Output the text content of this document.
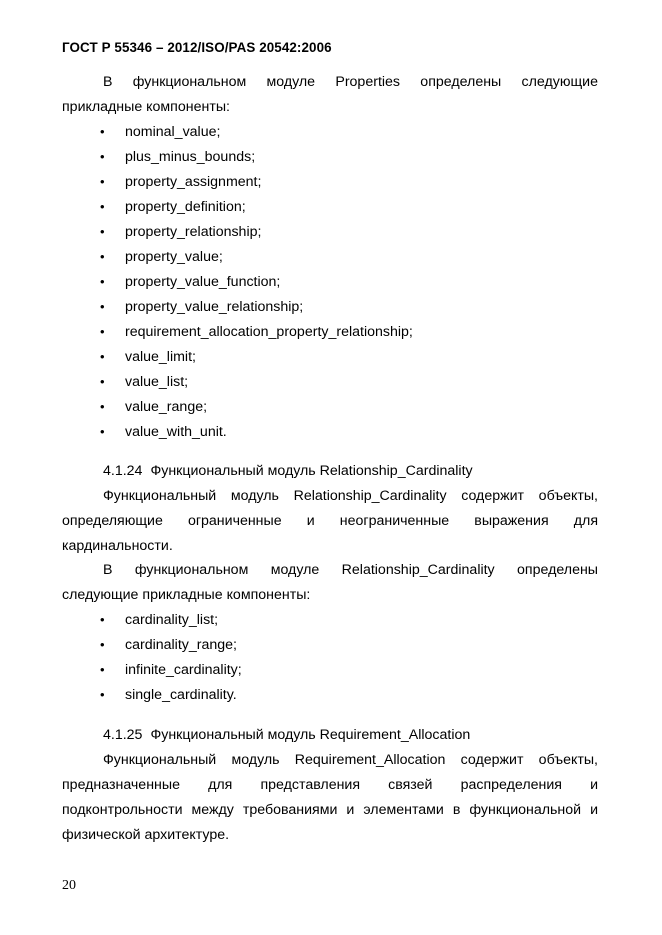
ГОСТ Р 55346 – 2012/ISO/PAS 20542:2006
В функциональном модуле Properties определены следующие
прикладные компоненты:
• nominal_value;
• plus_minus_bounds;
• property_assignment;
• property_definition;
• property_relationship;
• property_value;
• property_value_function;
• property_value_relationship;
• requirement_allocation_property_relationship;
• value_limit;
• value_list;
• value_range;
• value_with_unit.
4.1.24 Функциональный модуль Relationship_Cardinality
Функциональный модуль Relationship_Cardinality содержит объекты,
определяющие ограниченные и неограниченные выражения для
кардинальности.
В функциональном модуле Relationship_Cardinality определены
следующие прикладные компоненты:
• cardinality_list;
• cardinality_range;
• infinite_cardinality;
• single_cardinality.
4.1.25 Функциональный модуль Requirement_Allocation
Функциональный модуль Requirement_Allocation содержит объекты,
предназначенные для представления связей распределения и
подконтрольности между требованиями и элементами в функциональной и
физической архитектуре.
20
